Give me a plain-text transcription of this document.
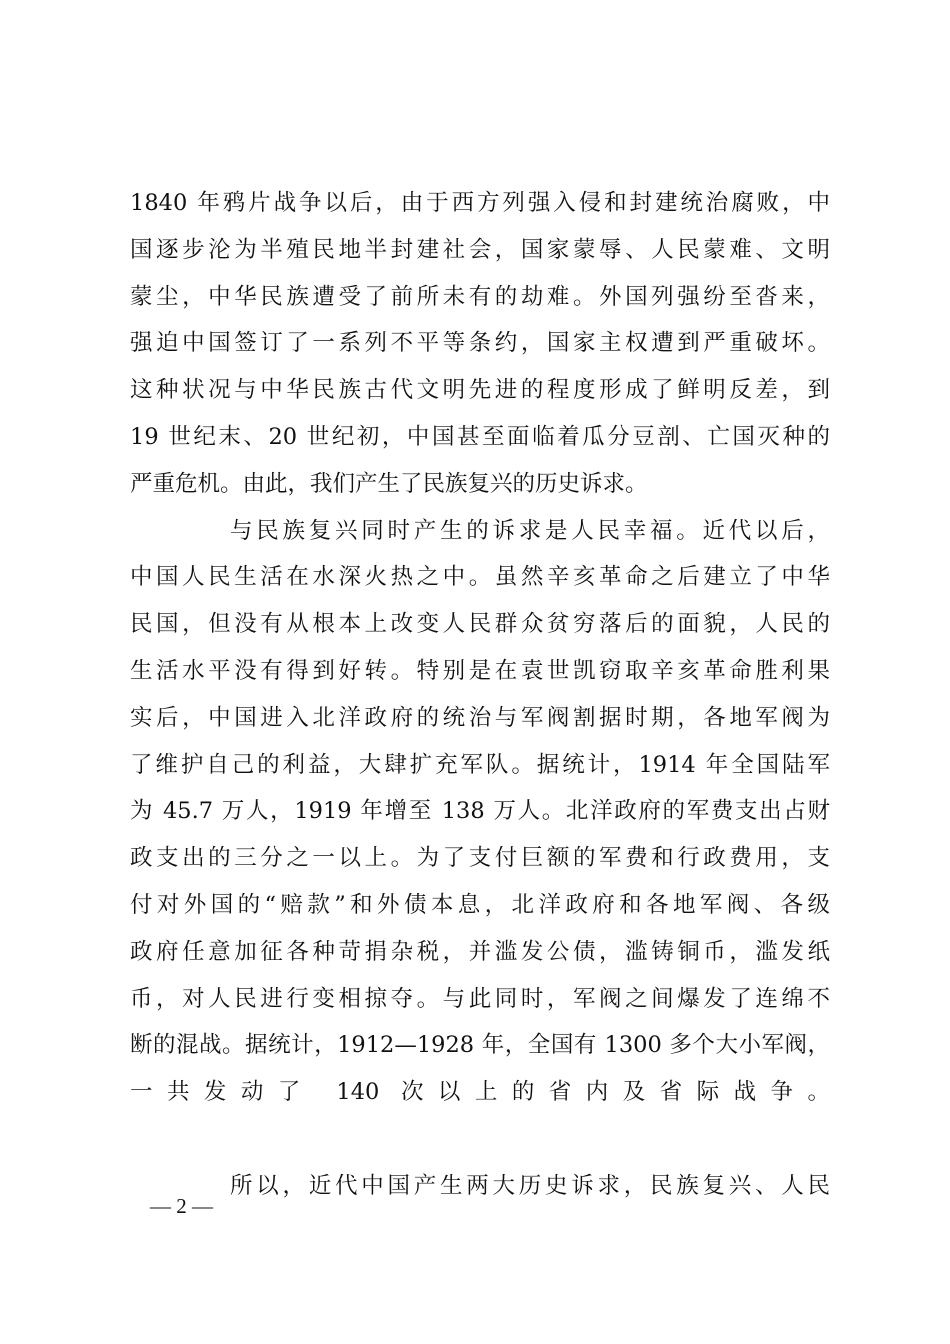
1840 年鸦片战争以后，由于西方列强入侵和封建统治腐败，中
国逐步沦为半殖民地半封建社会，国家蒙辱、人民蒙难、文明
蒙尘，中华民族遭受了前所未有的劫难。外国列强纷至沓来，
强迫中国签订了一系列不平等条约，国家主权遭到严重破坏。
这种状况与中华民族古代文明先进的程度形成了鲜明反差，到
19 世纪末、20 世纪初，中国甚至面临着瓜分豆剖、亡国灭种的
严重危机。由此，我们产生了民族复兴的历史诉求。
与民族复兴同时产生的诉求是人民幸福。近代以后，
中国人民生活在水深火热之中。虽然辛亥革命之后建立了中华
民国，但没有从根本上改变人民群众贫穷落后的面貌，人民的
生活水平没有得到好转。特别是在袁世凯窃取辛亥革命胜利果
实后，中国进入北洋政府的统治与军阀割据时期，各地军阀为
了维护自己的利益，大肆扩充军队。据统计，1914 年全国陆军
为 45.7 万人，1919 年增至 138 万人。北洋政府的军费支出占财
政支出的三分之一以上。为了支付巨额的军费和行政费用，支
付对外国的“赔款”和外债本息，北洋政府和各地军阀、各级
政府任意加征各种苛捐杂税，并滥发公债，滥铸铜币，滥发纸
币，对人民进行变相掠夺。与此同时，军阀之间爆发了连绵不
断的混战。据统计，1912—1928 年，全国有 1300 多个大小军阀，
一共发动了 140 次以上的省内及省际战争。
所以，近代中国产生两大历史诉求，民族复兴、人民
— 2 —
